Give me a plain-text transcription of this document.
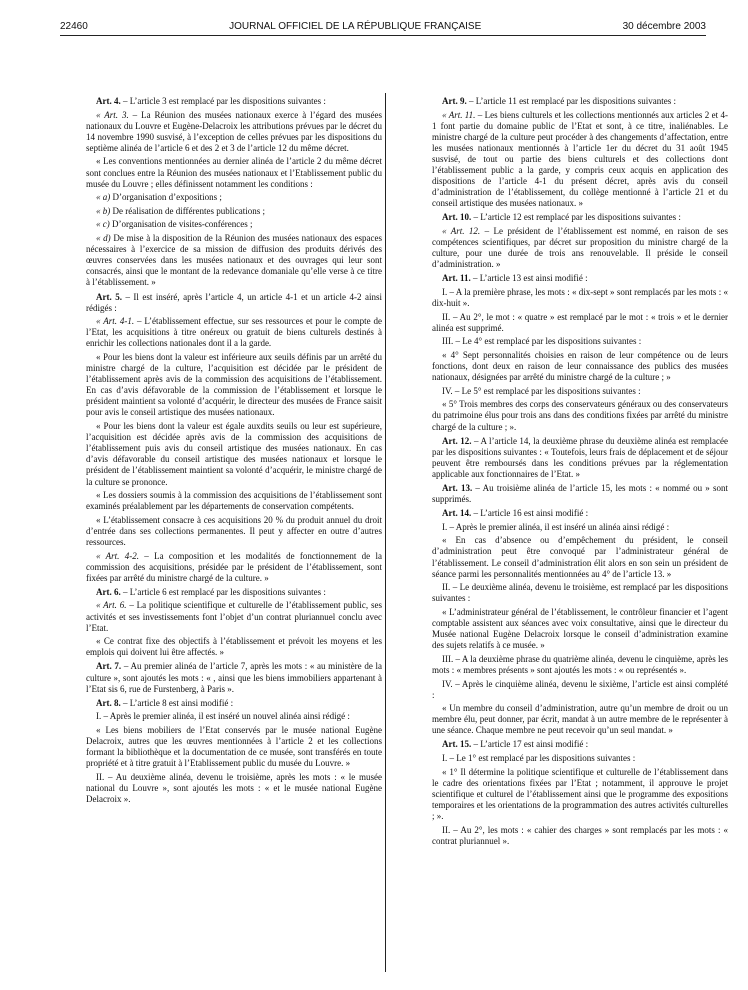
22460	JOURNAL OFFICIEL DE LA RÉPUBLIQUE FRANÇAISE	30 décembre 2003

Art. 4. – L’article 3 est remplacé par les dispositions suivantes :

« Art. 3. – La Réunion des musées nationaux exerce à l’égard des musées nationaux du Louvre et Eugène-Delacroix les attributions prévues par le décret du 14 novembre 1990 susvisé, à l’exception de celles prévues par les dispositions du septième alinéa de l’article 6 et des 2 et 3 de l’article 12 du même décret.

« Les conventions mentionnées au dernier alinéa de l’article 2 du même décret sont conclues entre la Réunion des musées nationaux et l’Etablissement public du musée du Louvre ; elles définissent notamment les conditions :

« a) D’organisation d’expositions ;

« b) De réalisation de différentes publications ;

« c) D’organisation de visites-conférences ;

« d) De mise à la disposition de la Réunion des musées nationaux des espaces nécessaires à l’exercice de sa mission de diffusion des produits dérivés des œuvres conservées dans les musées nationaux et des ouvrages qui leur sont consacrés, ainsi que le montant de la redevance domaniale qu’elle verse à ce titre à l’établissement. »

Art. 5. – Il est inséré, après l’article 4, un article 4-1 et un article 4-2 ainsi rédigés :

« Art. 4-1. – L’établissement effectue, sur ses ressources et pour le compte de l’Etat, les acquisitions à titre onéreux ou gratuit de biens culturels destinés à enrichir les collections nationales dont il a la garde.

« Pour les biens dont la valeur est inférieure aux seuils définis par un arrêté du ministre chargé de la culture, l’acquisition est décidée par le président de l’établissement après avis de la commission des acquisitions de l’établissement. En cas d’avis défavorable de la commission de l’établissement et lorsque le président maintient sa volonté d’acquérir, le directeur des musées de France saisit pour avis le conseil artistique des musées nationaux.

« Pour les biens dont la valeur est égale auxdits seuils ou leur est supérieure, l’acquisition est décidée après avis de la commission des acquisitions de l’établissement puis avis du conseil artistique des musées nationaux. En cas d’avis défavorable du conseil artistique des musées nationaux et lorsque le président de l’établissement maintient sa volonté d’acquérir, le ministre chargé de la culture se prononce.

« Les dossiers soumis à la commission des acquisitions de l’établissement sont examinés préalablement par les départements de conservation compétents.

« L’établissement consacre à ces acquisitions 20 % du produit annuel du droit d’entrée dans ses collections permanentes. Il peut y affecter en outre d’autres ressources.

« Art. 4-2. – La composition et les modalités de fonctionnement de la commission des acquisitions, présidée par le président de l’établissement, sont fixées par arrêté du ministre chargé de la culture. »

Art. 6. – L’article 6 est remplacé par les dispositions suivantes :

« Art. 6. – La politique scientifique et culturelle de l’établissement public, ses activités et ses investissements font l’objet d’un contrat pluriannuel conclu avec l’Etat.

« Ce contrat fixe des objectifs à l’établissement et prévoit les moyens et les emplois qui doivent lui être affectés. »

Art. 7. – Au premier alinéa de l’article 7, après les mots : « au ministère de la culture », sont ajoutés les mots : « , ainsi que les biens immobiliers appartenant à l’Etat sis 6, rue de Furstenberg, à Paris ».

Art. 8. – L’article 8 est ainsi modifié :

I. – Après le premier alinéa, il est inséré un nouvel alinéa ainsi rédigé :

« Les biens mobiliers de l’Etat conservés par le musée national Eugène Delacroix, autres que les œuvres mentionnées à l’article 2 et les collections formant la bibliothèque et la documentation de ce musée, sont transférés en toute propriété et à titre gratuit à l’Etablissement public du musée du Louvre. »

II. – Au deuxième alinéa, devenu le troisième, après les mots : « le musée national du Louvre », sont ajoutés les mots : « et le musée national Eugène Delacroix ».

Art. 9. – L’article 11 est remplacé par les dispositions suivantes :

« Art. 11. – Les biens culturels et les collections mentionnés aux articles 2 et 4-1 font partie du domaine public de l’Etat et sont, à ce titre, inaliénables. Le ministre chargé de la culture peut procéder à des changements d’affectation, entre les musées nationaux mentionnés à l’article 1er du décret du 31 août 1945 susvisé, de tout ou partie des biens culturels et des collections dont l’établissement public a la garde, y compris ceux acquis en application des dispositions de l’article 4-1 du présent décret, après avis du conseil d’administration de l’établissement, du collège mentionné à l’article 21 et du conseil artistique des musées nationaux. »

Art. 10. – L’article 12 est remplacé par les dispositions suivantes :

« Art. 12. – Le président de l’établissement est nommé, en raison de ses compétences scientifiques, par décret sur proposition du ministre chargé de la culture, pour une durée de trois ans renouvelable. Il préside le conseil d’administration. »

Art. 11. – L’article 13 est ainsi modifié :

I. – A la première phrase, les mots : « dix-sept » sont remplacés par les mots : « dix-huit ».

II. – Au 2°, le mot : « quatre » est remplacé par le mot : « trois » et le dernier alinéa est supprimé.

III. – Le 4° est remplacé par les dispositions suivantes :

« 4° Sept personnalités choisies en raison de leur compétence ou de leurs fonctions, dont deux en raison de leur connaissance des publics des musées nationaux, désignées par arrêté du ministre chargé de la culture ; »

IV. – Le 5° est remplacé par les dispositions suivantes :

« 5° Trois membres des corps des conservateurs généraux ou des conservateurs du patrimoine élus pour trois ans dans des conditions fixées par arrêté du ministre chargé de la culture ; ».

Art. 12. – A l’article 14, la deuxième phrase du deuxième alinéa est remplacée par les dispositions suivantes : « Toutefois, leurs frais de déplacement et de séjour peuvent être remboursés dans les conditions prévues par la réglementation applicable aux fonctionnaires de l’Etat. »

Art. 13. – Au troisième alinéa de l’article 15, les mots : « nommé ou » sont supprimés.

Art. 14. – L’article 16 est ainsi modifié :

I. – Après le premier alinéa, il est inséré un alinéa ainsi rédigé :

« En cas d’absence ou d’empêchement du président, le conseil d’administration peut être convoqué par l’administrateur général de l’établissement. Le conseil d’administration élit alors en son sein un président de séance parmi les personnalités mentionnées au 4° de l’article 13. »

II. – Le deuxième alinéa, devenu le troisième, est remplacé par les dispositions suivantes :

« L’administrateur général de l’établissement, le contrôleur financier et l’agent comptable assistent aux séances avec voix consultative, ainsi que le directeur du Musée national Eugène Delacroix lorsque le conseil d’administration examine des sujets relatifs à ce musée. »

III. – A la deuxième phrase du quatrième alinéa, devenu le cinquième, après les mots : « membres présents » sont ajoutés les mots : « ou représentés ».

IV. – Après le cinquième alinéa, devenu le sixième, l’article est ainsi complété :

« Un membre du conseil d’administration, autre qu’un membre de droit ou un membre élu, peut donner, par écrit, mandat à un autre membre de le représenter à une séance. Chaque membre ne peut recevoir qu’un seul mandat. »

Art. 15. – L’article 17 est ainsi modifié :

I. – Le 1° est remplacé par les dispositions suivantes :

« 1° Il détermine la politique scientifique et culturelle de l’établissement dans le cadre des orientations fixées par l’Etat ; notamment, il approuve le projet scientifique et culturel de l’établissement ainsi que le programme des expositions temporaires et les orientations de la programmation des autres activités culturelles ; ».

II. – Au 2°, les mots : « cahier des charges » sont remplacés par les mots : « contrat pluriannuel ».
